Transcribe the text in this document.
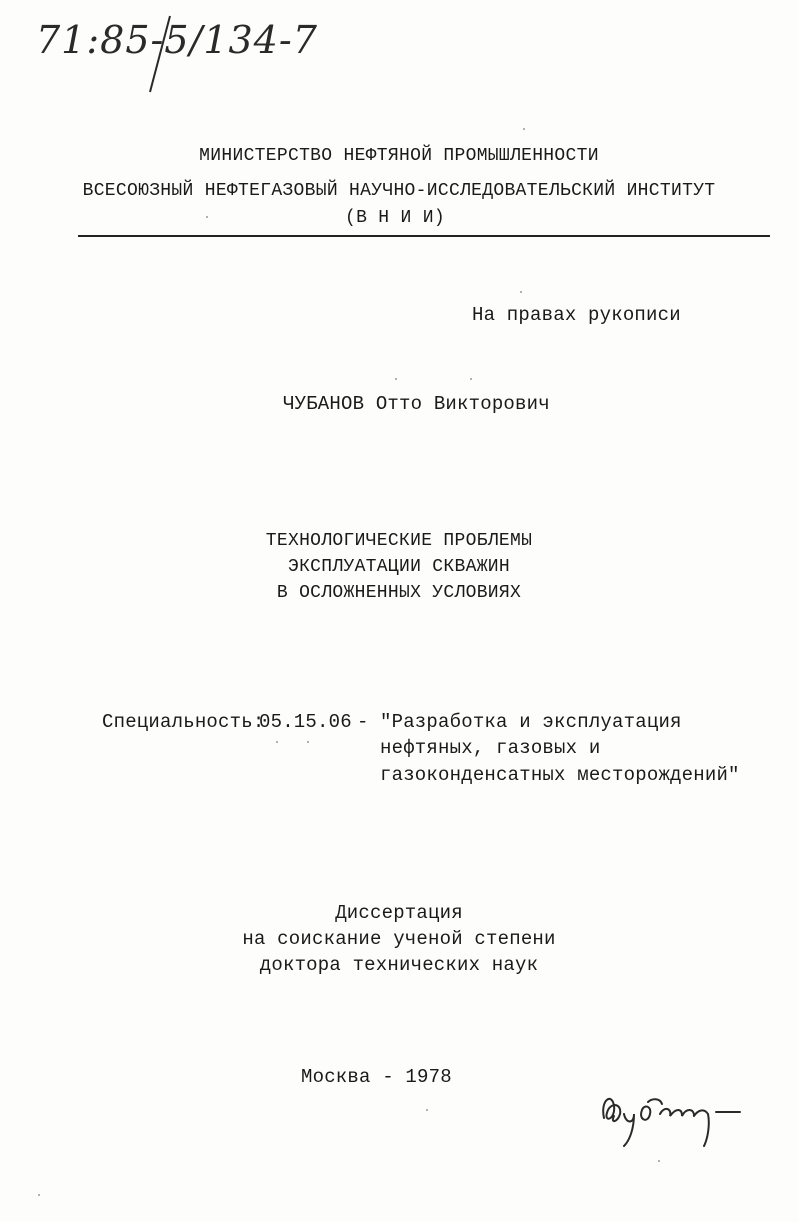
71:85-5/134-7
МИНИСТЕРСТВО НЕФТЯНОЙ ПРОМЫШЛЕННОСТИ
ВСЕСОЮЗНЫЙ НЕФТЕГАЗОВЫЙ НАУЧНО-ИССЛЕДОВАТЕЛЬСКИЙ ИНСТИТУТ
(В Н И И)
На правах рукописи
ЧУБАНОВ Отто Викторович
ТЕХНОЛОГИЧЕСКИЕ ПРОБЛЕМЫ
ЭКСПЛУАТАЦИИ СКВАЖИН
В ОСЛОЖНЕННЫХ УСЛОВИЯХ
Специальность:
05.15.06 - "Разработка и эксплуатация
нефтяных, газовых и
газоконденсатных месторождений"
Диссертация
на соискание ученой степени
доктора технических наук
Москва - 1978
